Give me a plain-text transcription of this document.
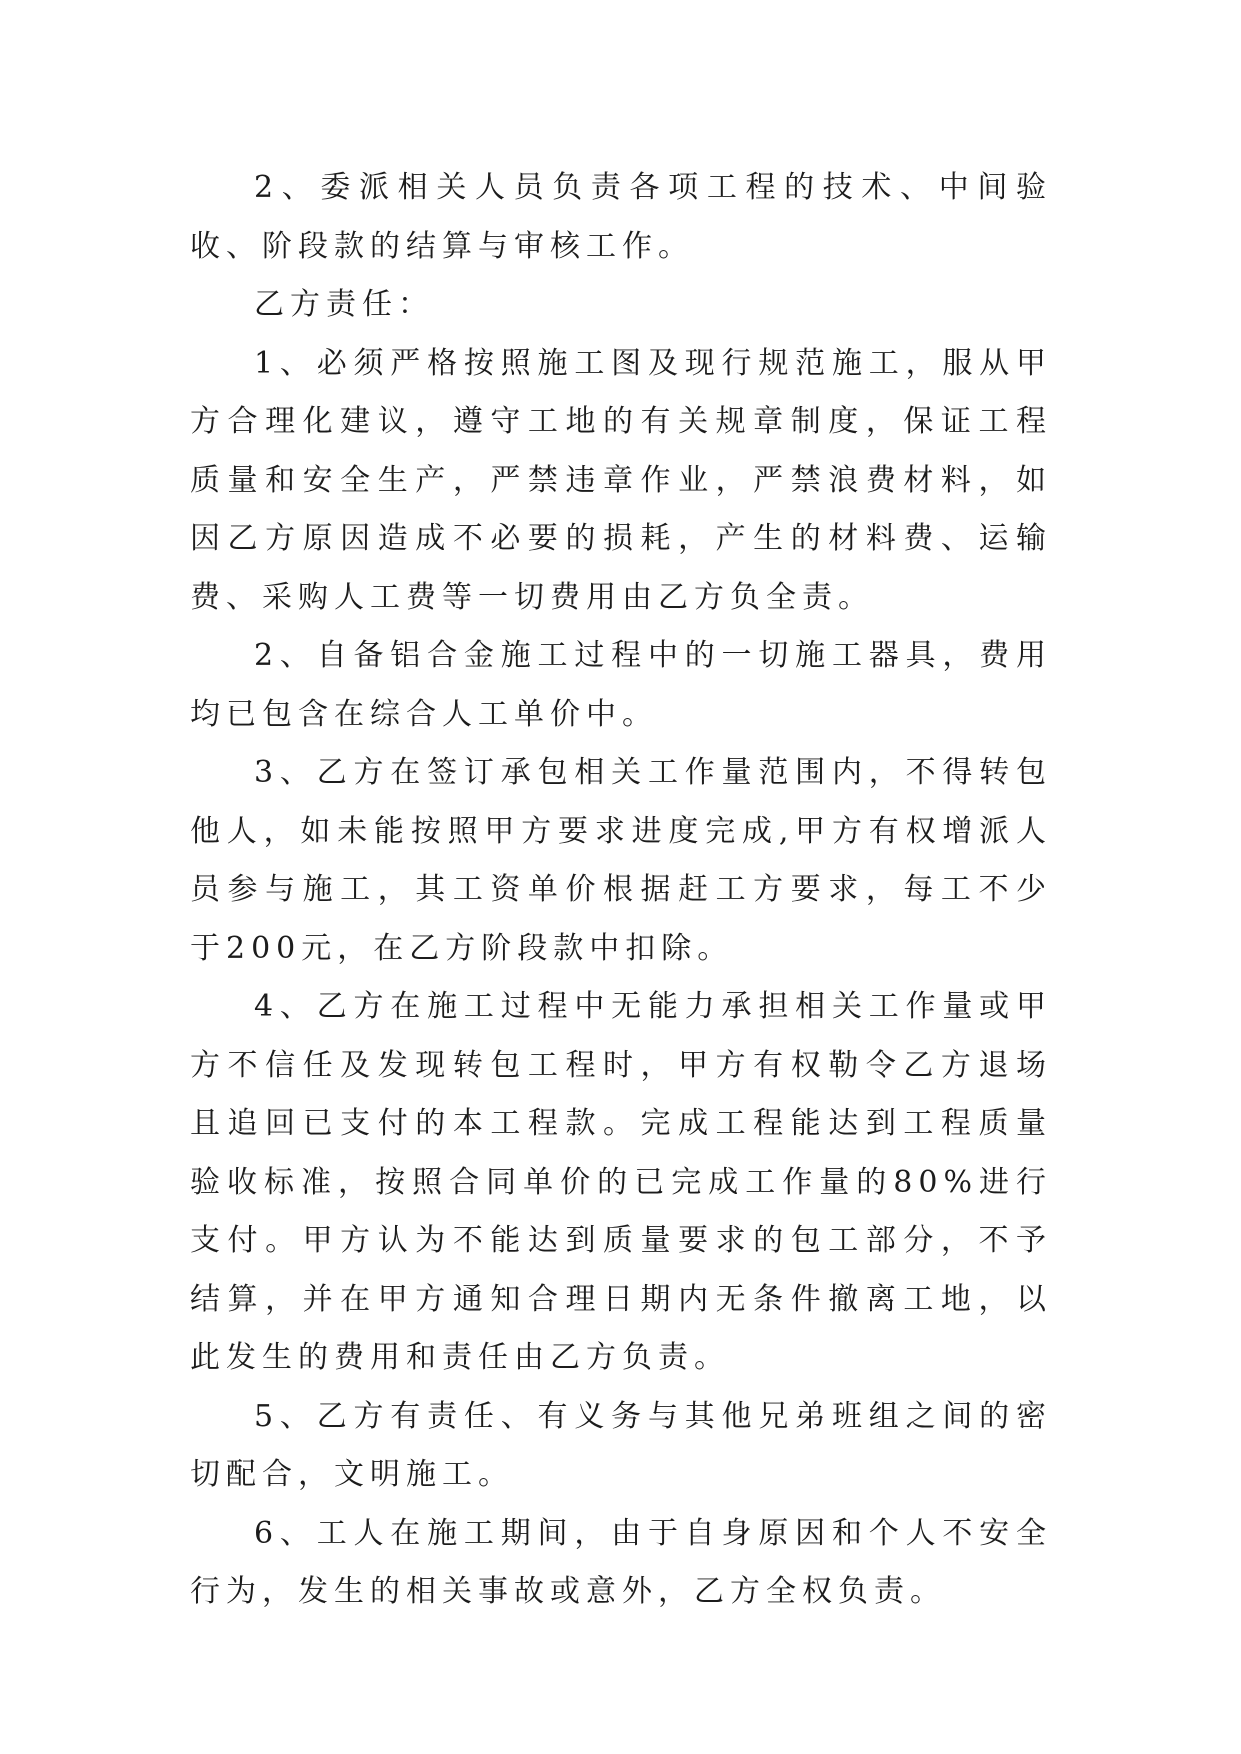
2、委派相关人员负责各项工程的技术、中间验收、阶段款的结算与审核工作。

乙方责任：

1、必须严格按照施工图及现行规范施工，服从甲方合理化建议，遵守工地的有关规章制度，保证工程质量和安全生产，严禁违章作业，严禁浪费材料，如因乙方原因造成不必要的损耗，产生的材料费、运输费、采购人工费等一切费用由乙方负全责。

2、自备铝合金施工过程中的一切施工器具，费用均已包含在综合人工单价中。

3、乙方在签订承包相关工作量范围内，不得转包他人，如未能按照甲方要求进度完成,甲方有权增派人员参与施工，其工资单价根据赶工方要求，每工不少于200元，在乙方阶段款中扣除。

4、乙方在施工过程中无能力承担相关工作量或甲方不信任及发现转包工程时，甲方有权勒令乙方退场且追回已支付的本工程款。完成工程能达到工程质量验收标准，按照合同单价的已完成工作量的80%进行支付。甲方认为不能达到质量要求的包工部分，不予结算，并在甲方通知合理日期内无条件撤离工地，以此发生的费用和责任由乙方负责。

5、乙方有责任、有义务与其他兄弟班组之间的密切配合，文明施工。

6、工人在施工期间，由于自身原因和个人不安全行为，发生的相关事故或意外，乙方全权负责。
